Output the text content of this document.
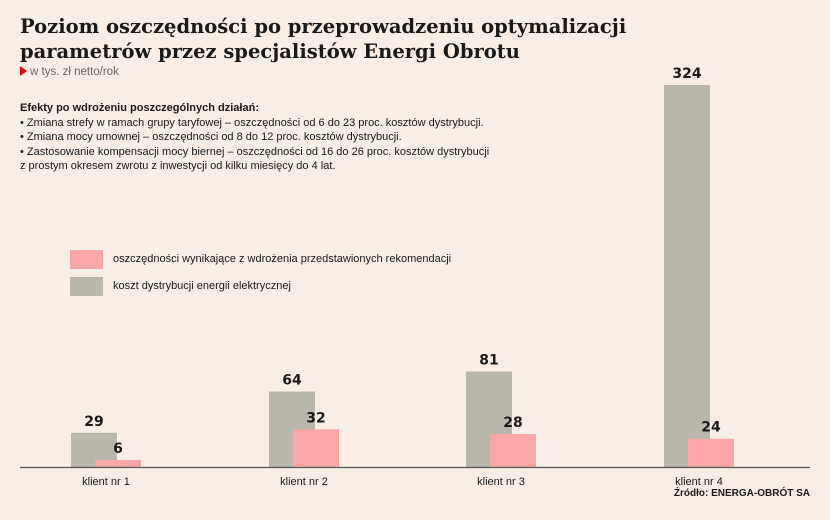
Poziom oszczędności po przeprowadzeniu optymalizacji parametrów przez specjalistów Energi Obrotu
w tys. zł netto/rok
Efekty po wdrożeniu poszczególnych działań:
• Zmiana strefy w ramach grupy taryfowej – oszczędności od 6 do 23 proc. kosztów dystrybucji.
• Zmiana mocy umownej – oszczędności od 8 do 12 proc. kosztów dystrybucji.
• Zastosowanie kompensacji mocy biernej – oszczędności od 16 do 26 proc. kosztów dystrybucji
z prostym okresem zwrotu z inwestycji od kilku miesięcy do 4 lat.
oszczędności wynikające z wdrożenia przedstawionych rekomendacji
koszt dystrybucji energii elektrycznej
29
6
klient nr 1
64
32
klient nr 2
81
28
klient nr 3
324
24
klient nr 4
Źródło: ENERGA-OBRÓT SA
